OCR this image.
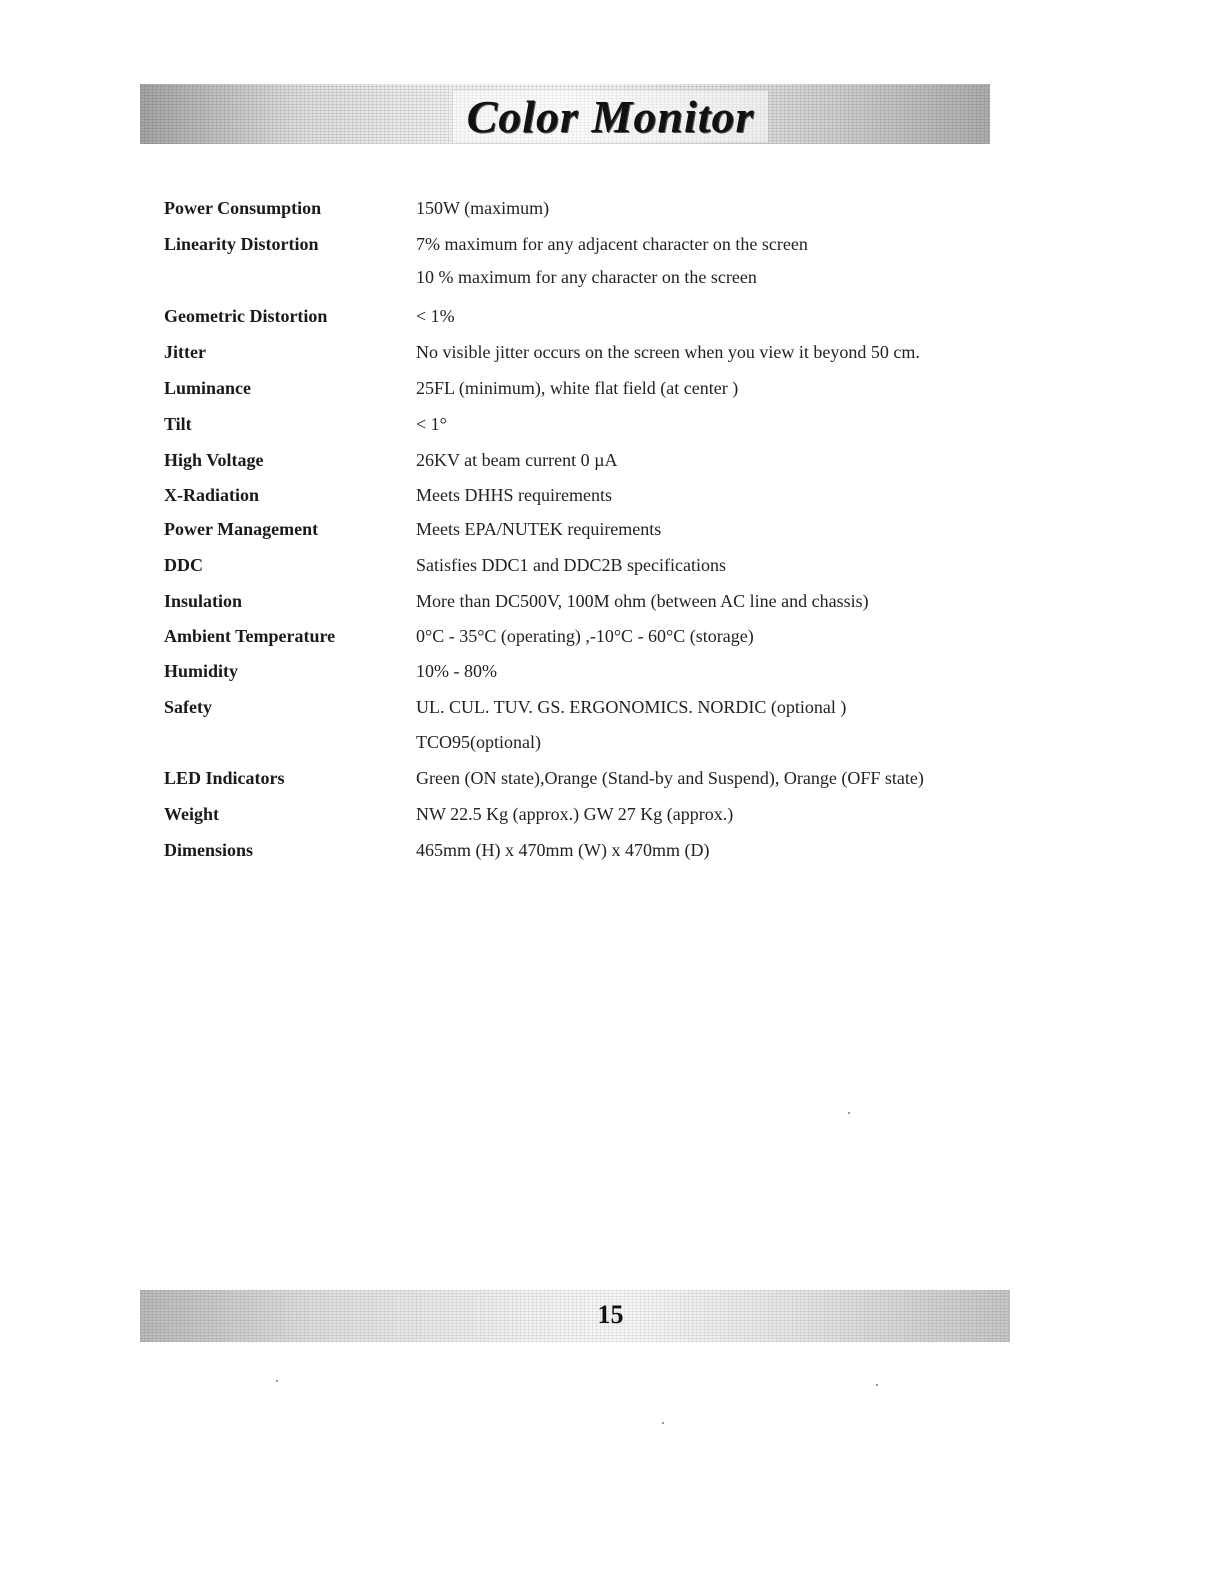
Color Monitor
Power Consumption	150W (maximum)
Linearity Distortion	7% maximum for any adjacent character on the screen
10 % maximum for any character on the screen
Geometric Distortion	< 1%
Jitter	No visible jitter occurs on the screen when you view it beyond 50 cm.
Luminance	25FL (minimum), white flat field (at center )
Tilt	< 1°
High Voltage	26KV at beam current 0 µA
X-Radiation	Meets DHHS requirements
Power Management	Meets EPA/NUTEK requirements
DDC	Satisfies DDC1 and DDC2B specifications
Insulation	More than DC500V, 100M ohm (between AC line and chassis)
Ambient Temperature	0°C - 35°C (operating) ,-10°C - 60°C (storage)
Humidity	10% - 80%
Safety	UL. CUL. TUV. GS. ERGONOMICS. NORDIC (optional )
TCO95(optional)
LED Indicators	Green (ON state),Orange (Stand-by and Suspend), Orange (OFF state)
Weight	NW 22.5 Kg (approx.) GW 27 Kg (approx.)
Dimensions	465mm (H) x 470mm (W) x 470mm (D)
15
